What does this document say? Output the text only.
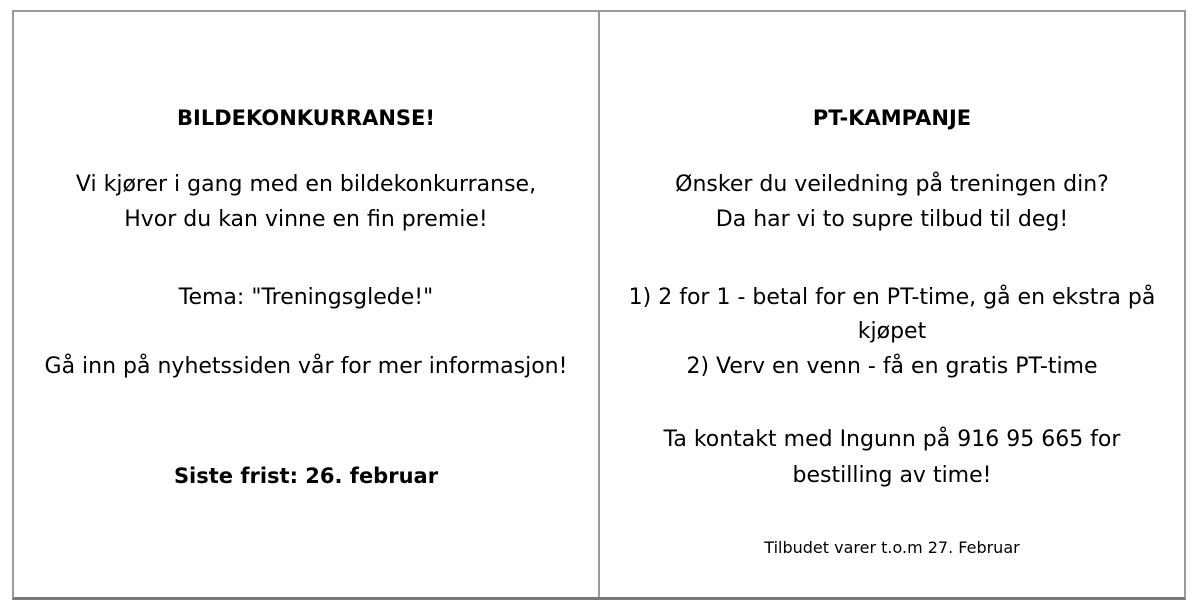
BILDEKONKURRANSE!
Vi kjører i gang med en bildekonkurranse,
Hvor du kan vinne en fin premie!
Tema: "Treningsglede!"
Gå inn på nyhetssiden vår for mer informasjon!
Siste frist: 26. februar
PT-KAMPANJE
Ønsker du veiledning på treningen din?
Da har vi to supre tilbud til deg!
1) 2 for 1 - betal for en PT-time, gå en ekstra på
kjøpet
2) Verv en venn - få en gratis PT-time
Ta kontakt med Ingunn på 916 95 665 for
bestilling av time!
Tilbudet varer t.o.m 27. Februar
